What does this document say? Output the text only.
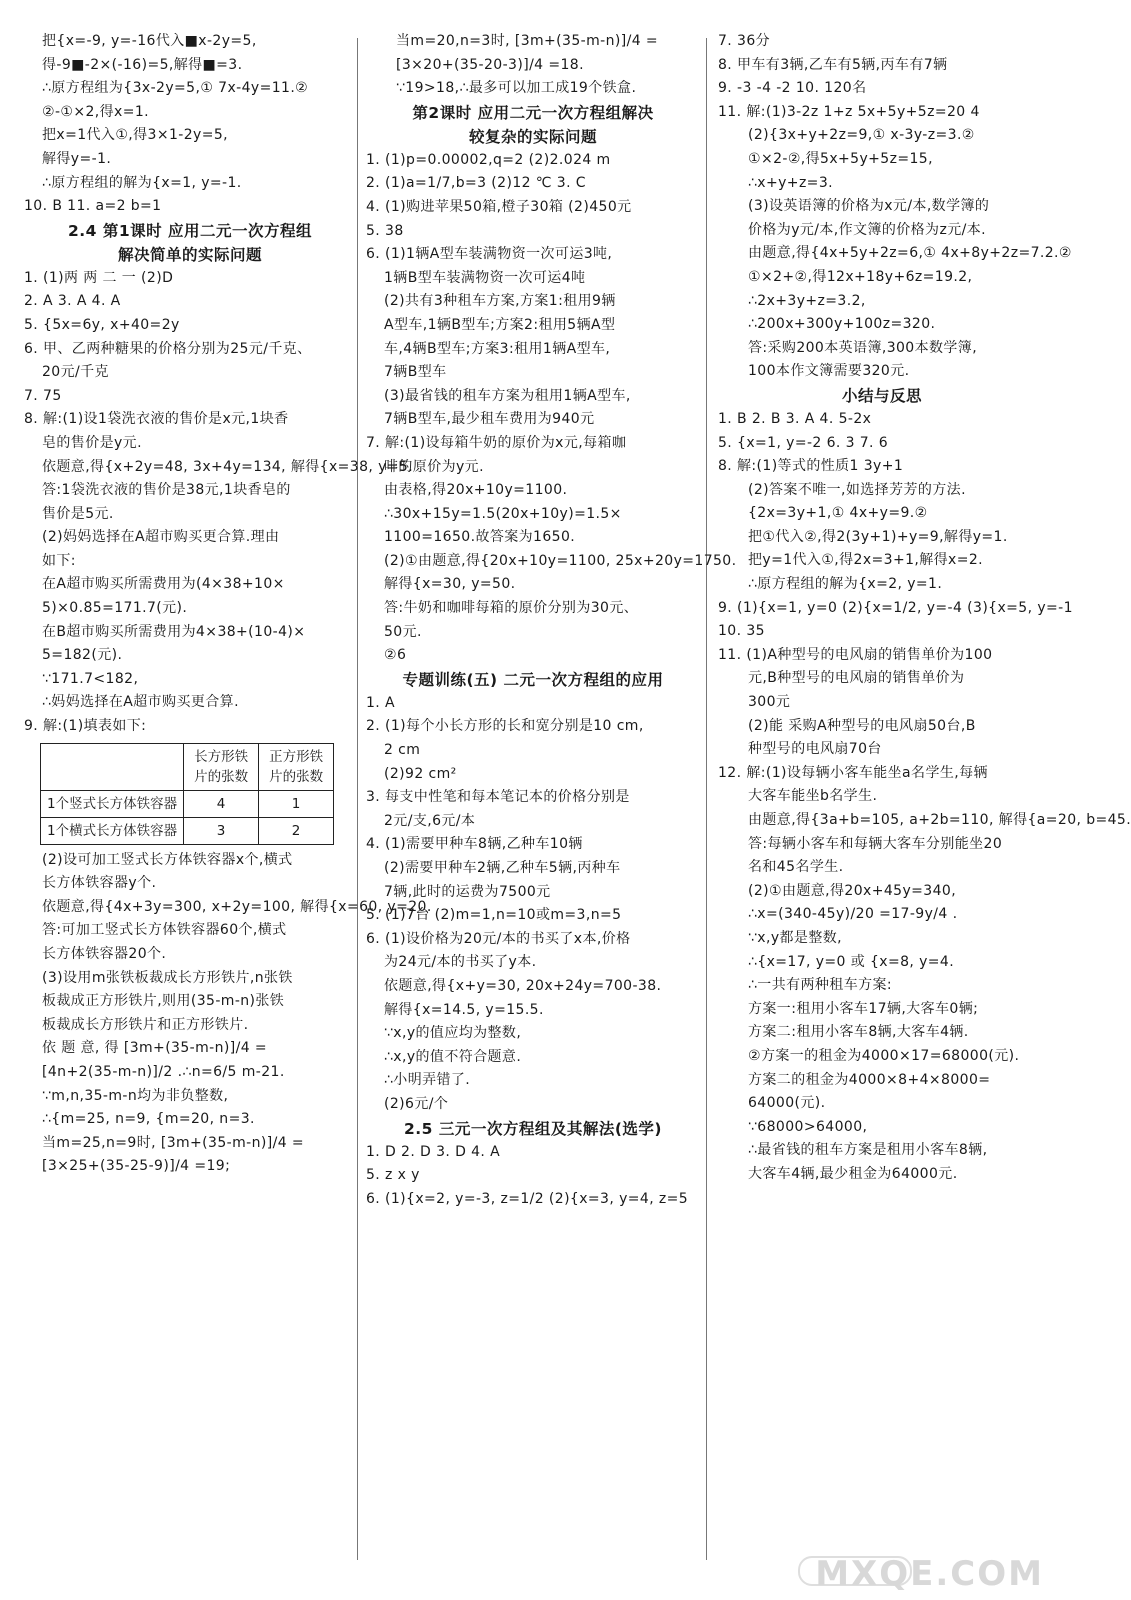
把{x=-9, y=-16代入■x-2y=5,
得-9■-2×(-16)=5,解得■=3.
∴原方程组为{3x-2y=5,① 7x-4y=11.②
②-①×2,得x=1.
把x=1代入①,得3×1-2y=5,
解得y=-1.
∴原方程组的解为{x=1, y=-1.
10. B 11. a=2 b=1
2.4 第1课时 应用二元一次方程组
解决简单的实际问题
1. (1)两 两 二 一 (2)D
2. A 3. A 4. A
5. {5x=6y, x+40=2y
6. 甲、乙两种糖果的价格分别为25元/千克、
20元/千克
7. 75
8. 解:(1)设1袋洗衣液的售价是x元,1块香
皂的售价是y元.
依题意,得{x+2y=48, 3x+4y=134, 解得{x=38, y=5.
答:1袋洗衣液的售价是38元,1块香皂的
售价是5元.
(2)妈妈选择在A超市购买更合算.理由
如下:
在A超市购买所需费用为(4×38+10×
5)×0.85=171.7(元).
在B超市购买所需费用为4×38+(10-4)×
5=182(元).
∵171.7<182,
∴妈妈选择在A超市购买更合算.
9. 解:(1)填表如下:
	长方形铁片的张数	正方形铁片的张数
1个竖式长方体铁容器	4	1
1个横式长方体铁容器	3	2
(2)设可加工竖式长方体铁容器x个,横式
长方体铁容器y个.
依题意,得{4x+3y=300, x+2y=100, 解得{x=60, y=20.
答:可加工竖式长方体铁容器60个,横式
长方体铁容器20个.
(3)设用m张铁板裁成长方形铁片,n张铁
板裁成正方形铁片,则用(35-m-n)张铁
板裁成长方形铁片和正方形铁片.
依 题 意, 得 [3m+(35-m-n)]/4 =
[4n+2(35-m-n)]/2 .∴n=6/5 m-21.
∵m,n,35-m-n均为非负整数,
∴{m=25, n=9, {m=20, n=3.
当m=25,n=9时, [3m+(35-m-n)]/4 =
[3×25+(35-25-9)]/4 =19;
当m=20,n=3时, [3m+(35-m-n)]/4 =
[3×20+(35-20-3)]/4 =18.
∵19>18,∴最多可以加工成19个铁盒.
第2课时 应用二元一次方程组解决
较复杂的实际问题
1. (1)p=0.00002,q=2 (2)2.024 m
2. (1)a=1/7,b=3 (2)12 ℃ 3. C
4. (1)购进苹果50箱,橙子30箱 (2)450元
5. 38
6. (1)1辆A型车装满物资一次可运3吨,
1辆B型车装满物资一次可运4吨
(2)共有3种租车方案,方案1:租用9辆
A型车,1辆B型车;方案2:租用5辆A型
车,4辆B型车;方案3:租用1辆A型车,
7辆B型车
(3)最省钱的租车方案为租用1辆A型车,
7辆B型车,最少租车费用为940元
7. 解:(1)设每箱牛奶的原价为x元,每箱咖
啡的原价为y元.
由表格,得20x+10y=1100.
∴30x+15y=1.5(20x+10y)=1.5×
1100=1650.故答案为1650.
(2)①由题意,得{20x+10y=1100, 25x+20y=1750.
解得{x=30, y=50.
答:牛奶和咖啡每箱的原价分别为30元、
50元.
②6
专题训练(五) 二元一次方程组的应用
1. A
2. (1)每个小长方形的长和宽分别是10 cm,
2 cm
(2)92 cm²
3. 每支中性笔和每本笔记本的价格分别是
2元/支,6元/本
4. (1)需要甲种车8辆,乙种车10辆
(2)需要甲种车2辆,乙种车5辆,丙种车
7辆,此时的运费为7500元
5. (1)7台 (2)m=1,n=10或m=3,n=5
6. (1)设价格为20元/本的书买了x本,价格
为24元/本的书买了y本.
依题意,得{x+y=30, 20x+24y=700-38.
解得{x=14.5, y=15.5.
∵x,y的值应均为整数,
∴x,y的值不符合题意.
∴小明弄错了.
(2)6元/个
2.5 三元一次方程组及其解法(选学)
1. D 2. D 3. D 4. A
5. z x y
6. (1){x=2, y=-3, z=1/2 (2){x=3, y=4, z=5
7. 36分
8. 甲车有3辆,乙车有5辆,丙车有7辆
9. -3 -4 -2 10. 120名
11. 解:(1)3-2z 1+z 5x+5y+5z=20 4
(2){3x+y+2z=9,① x-3y-z=3.②
①×2-②,得5x+5y+5z=15,
∴x+y+z=3.
(3)设英语簿的价格为x元/本,数学簿的
价格为y元/本,作文簿的价格为z元/本.
由题意,得{4x+5y+2z=6,① 4x+8y+2z=7.2.②
①×2+②,得12x+18y+6z=19.2,
∴2x+3y+z=3.2,
∴200x+300y+100z=320.
答:采购200本英语簿,300本数学簿,
100本作文簿需要320元.
小结与反思
1. B 2. B 3. A 4. 5-2x
5. {x=1, y=-2 6. 3 7. 6
8. 解:(1)等式的性质1 3y+1
(2)答案不唯一,如选择芳芳的方法.
{2x=3y+1,① 4x+y=9.②
把①代入②,得2(3y+1)+y=9,解得y=1.
把y=1代入①,得2x=3+1,解得x=2.
∴原方程组的解为{x=2, y=1.
9. (1){x=1, y=0 (2){x=1/2, y=-4 (3){x=5, y=-1
10. 35
11. (1)A种型号的电风扇的销售单价为100
元,B种型号的电风扇的销售单价为
300元
(2)能 采购A种型号的电风扇50台,B
种型号的电风扇70台
12. 解:(1)设每辆小客车能坐a名学生,每辆
大客车能坐b名学生.
由题意,得{3a+b=105, a+2b=110, 解得{a=20, b=45.
答:每辆小客车和每辆大客车分别能坐20
名和45名学生.
(2)①由题意,得20x+45y=340,
∴x=(340-45y)/20 =17-9y/4 .
∵x,y都是整数,
∴{x=17, y=0 或 {x=8, y=4.
∴一共有两种租车方案:
方案一:租用小客车17辆,大客车0辆;
方案二:租用小客车8辆,大客车4辆.
②方案一的租金为4000×17=68000(元).
方案二的租金为4000×8+4×8000=
64000(元).
∵68000>64000,
∴最省钱的租车方案是租用小客车8辆,
大客车4辆,最少租金为64000元.
MXQE.COM
